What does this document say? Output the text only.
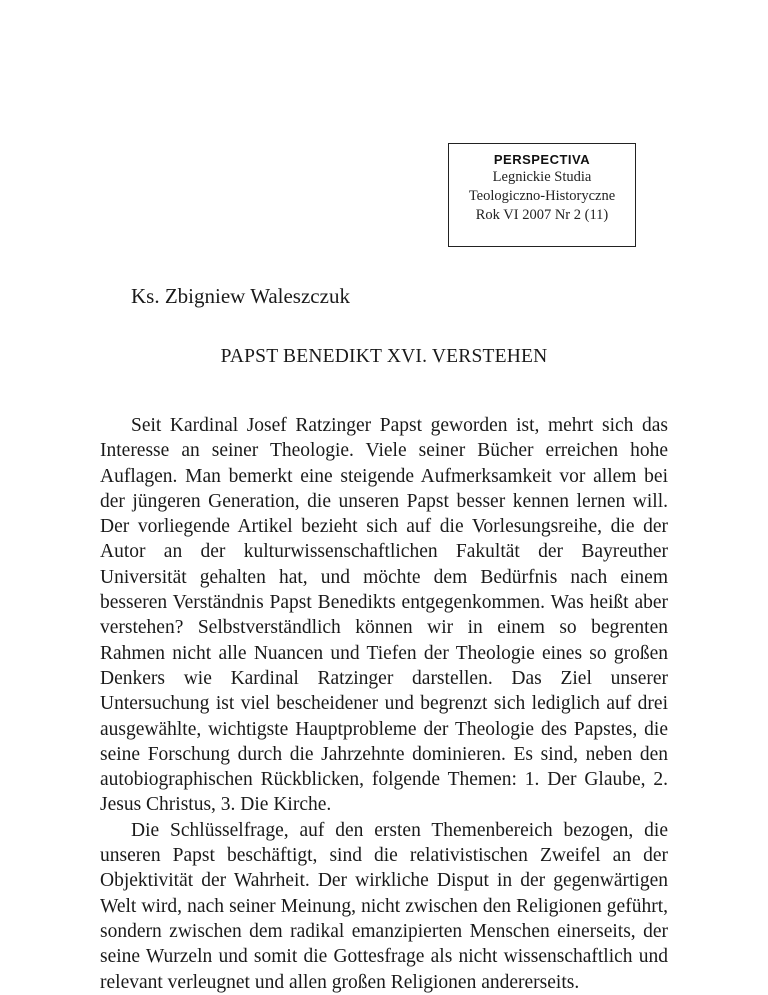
PERSPECTIVA
Legnickie Studia
Teologiczno-Historyczne
Rok VI 2007 Nr 2 (11)
Ks. Zbigniew Waleszczuk
PAPST BENEDIKT XVI. VERSTEHEN

Seit Kardinal Josef Ratzinger Papst geworden ist, mehrt sich das Interesse an seiner Theologie. Viele seiner Bücher erreichen hohe Auflagen. Man bemerkt eine steigende Aufmerksamkeit vor allem bei der jüngeren Generation, die unseren Papst besser kennen lernen will. Der vorliegende Artikel bezieht sich auf die Vorlesungsreihe, die der Autor an der kulturwissenschaftlichen Fakultät der Bayreuther Universität gehalten hat, und möchte dem Bedürfnis nach einem besseren Verständnis Papst Benedikts entgegenkommen. Was heißt aber verstehen? Selbstverständlich können wir in einem so begrenten Rahmen nicht alle Nuancen und Tiefen der Theologie eines so großen Denkers wie Kardinal Ratzinger darstellen. Das Ziel unserer Untersuchung ist viel bescheidener und begrenzt sich lediglich auf drei ausgewählte, wichtigste Hauptprobleme der Theologie des Papstes, die seine Forschung durch die Jahrzehnte dominieren. Es sind, neben den autobiographischen Rückblicken, folgende Themen: 1. Der Glaube, 2. Jesus Christus, 3. Die Kirche.

Die Schlüsselfrage, auf den ersten Themenbereich bezogen, die unseren Papst beschäftigt, sind die relativistischen Zweifel an der Objektivität der Wahrheit. Der wirkliche Disput in der gegenwärtigen Welt wird, nach seiner Meinung, nicht zwischen den Religionen geführt, sondern zwischen dem radikal emanzipierten Menschen einerseits, der seine Wurzeln und somit die Gottesfrage als nicht wissenschaftlich und relevant verleugnet und allen großen Religionen andererseits.
